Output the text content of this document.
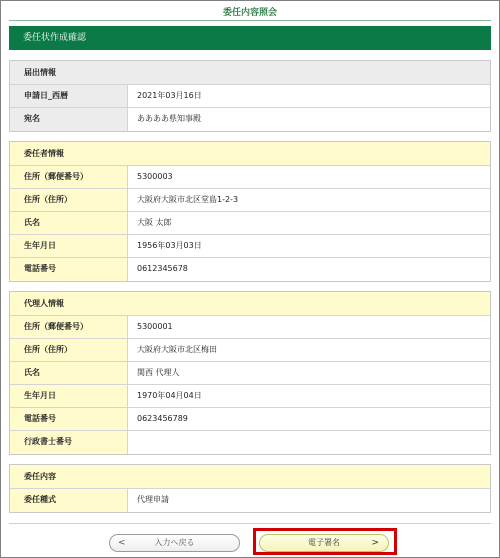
委任内容照会
委任状作成確認
届出情報
申請日_西暦	2021年03月16日
宛名	ああああ県知事殿
委任者情報
住所（郵便番号）	5300003
住所（住所）	大阪府大阪市北区堂島1-2-3
氏名	大阪 太郎
生年月日	1956年03月03日
電話番号	0612345678
代理人情報
住所（郵便番号）	5300001
住所（住所）	大阪府大阪市北区梅田
氏名	関西 代理人
生年月日	1970年04月04日
電話番号	0623456789
行政書士番号
委任内容
委任種式	代理申請
<	入力へ戻る	電子署名	>
